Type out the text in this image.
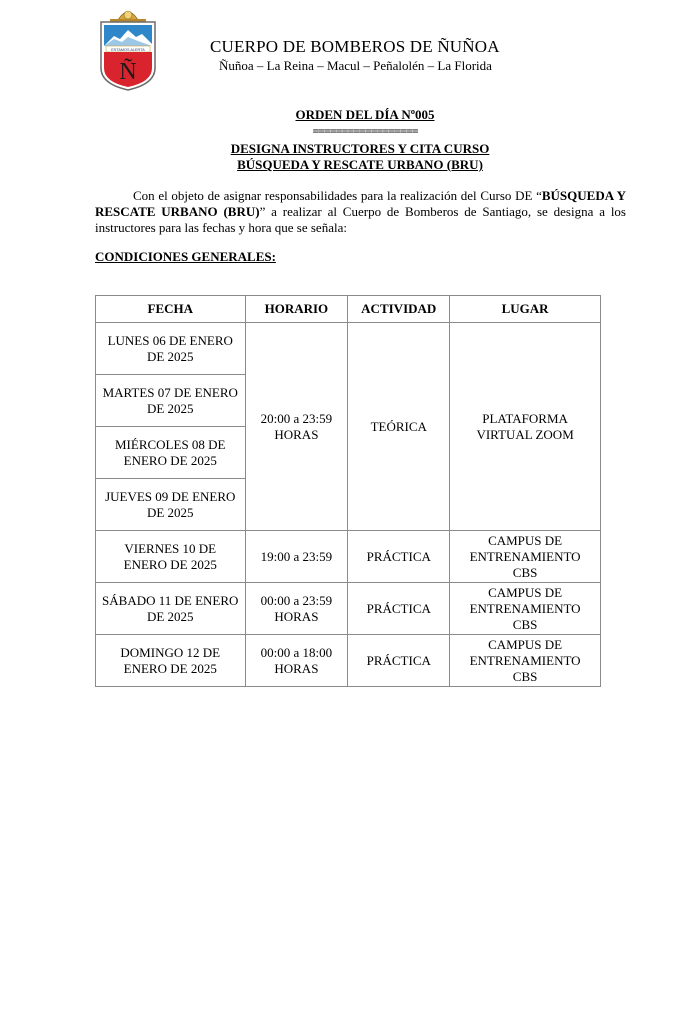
ESTAMOS ALERTA
Ñ
CUERPO DE BOMBEROS DE ÑUÑOA
Ñuñoa – La Reina – Macul – Peñalolén – La Florida
ORDEN DEL DÍA Nº005
==================
DESIGNA INSTRUCTORES Y CITA CURSO
BÚSQUEDA Y RESCATE URBANO (BRU)
Con el objeto de asignar responsabilidades para la realización del Curso DE “BÚSQUEDA Y RESCATE URBANO (BRU)” a realizar al Cuerpo de Bomberos de Santiago, se designa a los instructores para las fechas y hora que se señala:
CONDICIONES GENERALES:
FECHA	HORARIO	ACTIVIDAD	LUGAR
LUNES 06 DE ENERO DE 2025	20:00 a 23:59 HORAS	TEÓRICA	PLATAFORMA VIRTUAL ZOOM
MARTES 07 DE ENERO DE 2025			
MIÉRCOLES 08 DE ENERO DE 2025			
JUEVES 09 DE ENERO DE 2025			
VIERNES 10 DE ENERO DE 2025	19:00 a 23:59	PRÁCTICA	CAMPUS DE ENTRENAMIENTO CBS
SÁBADO 11 DE ENERO DE 2025	00:00 a 23:59 HORAS	PRÁCTICA	CAMPUS DE ENTRENAMIENTO CBS
DOMINGO 12 DE ENERO DE 2025	00:00 a 18:00 HORAS	PRÁCTICA	CAMPUS DE ENTRENAMIENTO CBS
